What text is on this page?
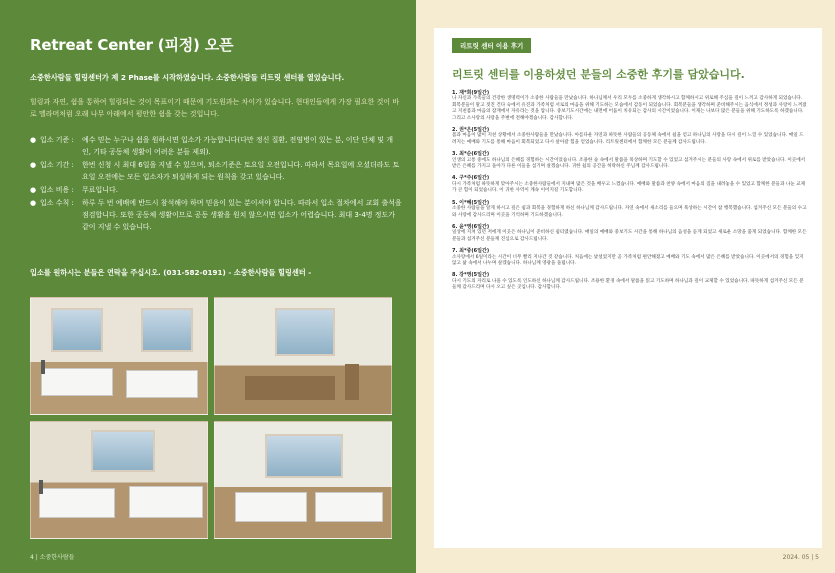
Retreat Center (피정) 오픈
소중한사람들 힐링센터가 제 2 Phase를 시작하였습니다. 소중한사람들 리트릿 센터를 열었습니다.
힐링과 자연, 쉼을 통하여 힐링되는 것이 목표이기 때문에 기도원과는 차이가 있습니다. 현대인들에게 가장 필요한 것이 바로 멜라머처럼 오래 나무 아래에서 평안한 쉼을 갖는 것입니다.
● 입소 기준 :	예수 믿는 누구나 쉼을 원하시면 입소가 가능합니다(다만 정신 질환, 전염병이 있는 분, 이단 단체 및 개인, 기타 공동체 생활이 어려운 분들 제외).
● 입소 기간 :	한번 신청 시 최대 6일을 지낼 수 있으며, 퇴소기준은 토요일 오전입니다. 따라서 목요일에 오셨더라도 토요일 오전에는 모든 입소자가 퇴실하게 되는 원칙을 갖고 있습니다.
● 입소 비용 :	무료입니다.
● 입소 수칙 :	하루 두 번 예배에 반드시 참석해야 하며 믿음이 있는 분이셔야 합니다. 따라서 입소 절차에서 교회 출석을 점검합니다. 또한 공동체 생활이므로 공동 생활을 원치 않으시면 입소가 어렵습니다. 최대 3-4명 정도가 같이 지낼 수 있습니다.
입소를 원하시는 분들은 연락을 주십시오. (031-582-0191) - 소중한사람들 힐링센터 -
4 | 소중한사람들
리트릿 센터 이용 후기
리트릿 센터를 이용하셨던 분들의 소중한 후기를 담았습니다.
1. 재*희(9일간)
나 자신과 가족들의 건강한 생명력이가 소중한 사람들을 만났습니다. 하나님께서 우리 모두를 소중하게 생각하시고 함께하시고 위로해 주심을 깊이 느끼고 감사하게 되었습니다. 회복분들이 말고 젓진 건다 숙에서 유진과 가족처럼 서로의 마음을 위해 기도하는 모습에서 감동이 되었습니다. 회복분들을 생각하며 준비해주시는 음식에서 정성과 사랑이 느껴졌고 지친몸과 마음의 잠재에서 자유라는 것을 압니다. 중보기도시간에는 내면에 어둠이 치유되는 감사의 시간이었습니다. 이제는 나보다 많은 분들을 위해 기도하도록 하겠습니다. 그리고 소사랑의 사랑을 주변에 전해야겠습니다. 감사합니다.
2. 권*은(5일간)
몸과 마음이 많이 지친 상황에서 소중한사람들을 만났습니다. 아름다운 자연과 따뜻한 사람들의 공동체 속에서 쉼을 얻고 하나님의 사랑을 다시 깊이 느낄 수 있었습니다. 매일 드려지는 예배와 기도를 통해 마음이 회복되었고 다시 살아갈 힘을 얻었습니다. 리트릿센터에서 함께한 모든 분들께 감사드립니다.
3. 최*순(6일간)
인생의 고통 중에도 하나님의 은혜를 경험하는 시간이었습니다. 조용한 숲 속에서 말씀을 묵상하며 기도할 수 있었고 섬겨주시는 분들의 사랑 속에서 위로를 받았습니다. 이곳에서 받은 은혜를 가지고 돌아가 다른 이들을 섬기며 살겠습니다. 귀한 쉼의 공간을 허락하신 주님께 감사드립니다.
4. 구*주(6일간)
다시 가족처럼 따뜻하게 맞아주시는 소중한사람들에서 지내며 많은 것을 배우고 느꼈습니다. 예배와 말씀과 찬양 속에서 마음의 짐을 내려놓을 수 있었고 함께한 분들과 나눈 교제가 큰 힘이 되었습니다. 이 귀한 사역이 계속 이어지길 기도합니다.
5. 이*혜(5일간)
소중한 사람들을 알게 하시고 깊은 쉼과 회복을 경험하게 하신 하나님께 감사드립니다. 자연 속에서 새소리를 들으며 묵상하는 시간이 참 행복했습니다. 섬겨주신 모든 분들의 수고와 사랑에 감사드리며 이곳을 기억하며 기도하겠습니다.
6. 윤*영(6일간)
일상에 지쳐 있던 저에게 이곳은 하나님이 준비하신 쉼터였습니다. 매일의 예배와 중보기도 시간을 통해 하나님의 음성을 듣게 되었고 새로운 소망을 품게 되었습니다. 함께한 모든 분들과 섬겨주신 분들께 진심으로 감사드립니다.
7. 최*중(6일간)
소사랑에서 6일이라는 시간이 너무 빨리 지나간 것 같습니다. 처음에는 낯설었지만 곧 가족처럼 편안해졌고 예배와 기도 속에서 많은 은혜를 받았습니다. 이곳에서의 경험을 잊지 않고 삶 속에서 나누며 살겠습니다. 하나님께 영광을 돌립니다.
8. 강*영(5일간)
다시 기도의 자리로 나올 수 있도록 인도하신 하나님께 감사드립니다. 조용한 환경 속에서 말씀을 읽고 기도하며 하나님과 깊이 교제할 수 있었습니다. 따뜻하게 섬겨주신 모든 분들께 감사드리며 다시 오고 싶은 곳입니다. 감사합니다.
2024. 05 | 5
